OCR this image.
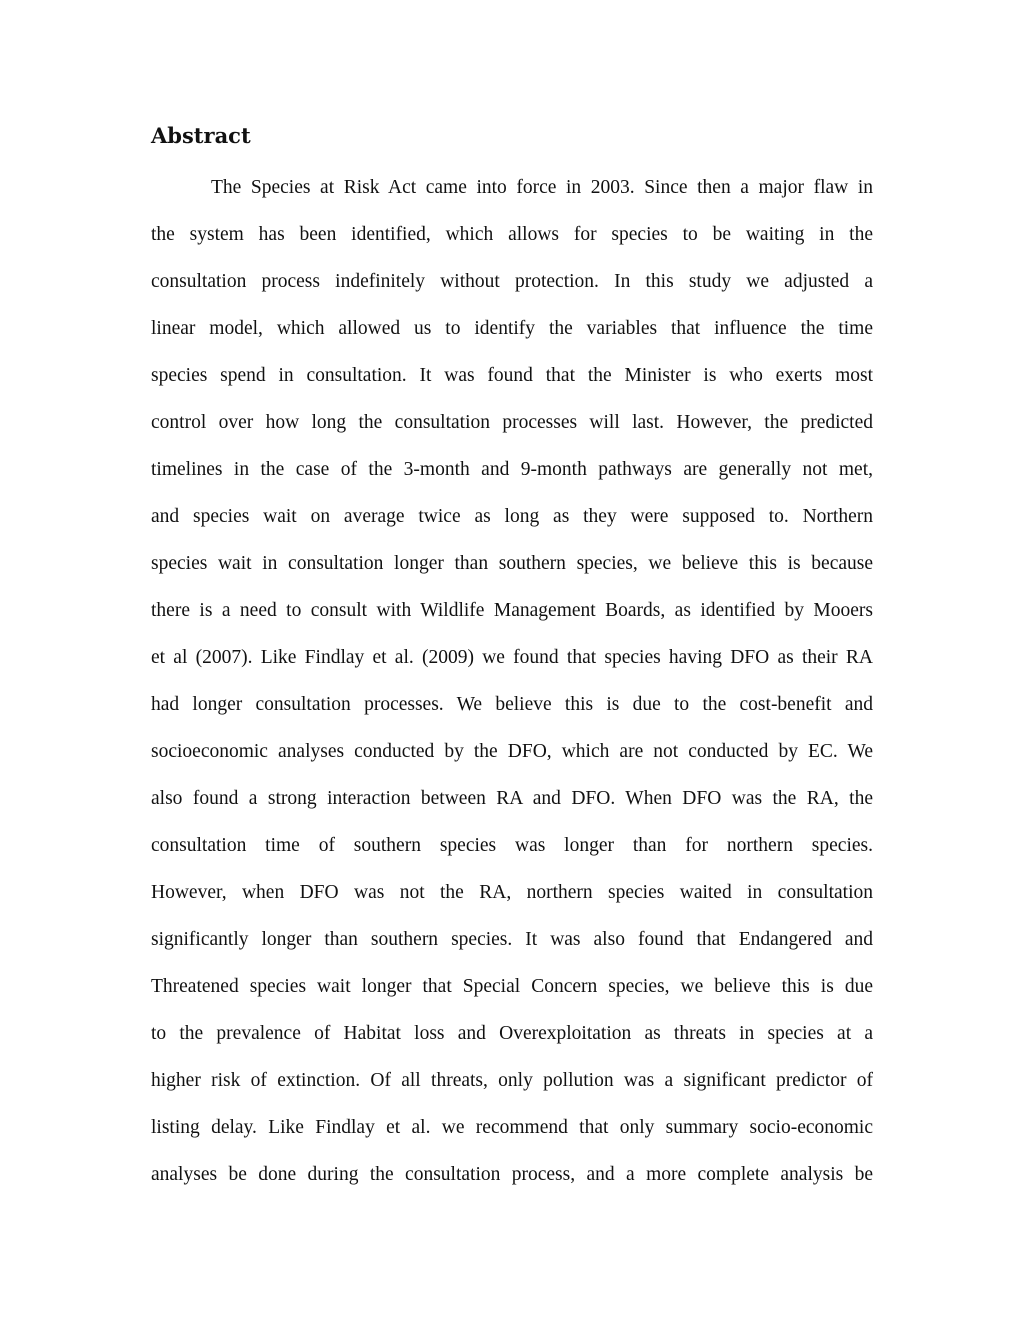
Abstract
The Species at Risk Act came into force in 2003. Since then a major flaw in
the system has been identified, which allows for species to be waiting in the
consultation process indefinitely without protection. In this study we adjusted a
linear model, which allowed us to identify the variables that influence the time
species spend in consultation. It was found that the Minister is who exerts most
control over how long the consultation processes will last. However, the predicted
timelines in the case of the 3-month and 9-month pathways are generally not met,
and species wait on average twice as long as they were supposed to. Northern
species wait in consultation longer than southern species, we believe this is because
there is a need to consult with Wildlife Management Boards, as identified by Mooers
et al (2007). Like Findlay et al. (2009) we found that species having DFO as their RA
had longer consultation processes. We believe this is due to the cost-benefit and
socioeconomic analyses conducted by the DFO, which are not conducted by EC. We
also found a strong interaction between RA and DFO. When DFO was the RA, the
consultation time of southern species was longer than for northern species.
However, when DFO was not the RA, northern species waited in consultation
significantly longer than southern species. It was also found that Endangered and
Threatened species wait longer that Special Concern species, we believe this is due
to the prevalence of Habitat loss and Overexploitation as threats in species at a
higher risk of extinction. Of all threats, only pollution was a significant predictor of
listing delay. Like Findlay et al. we recommend that only summary socio-economic
analyses be done during the consultation process, and a more complete analysis be
